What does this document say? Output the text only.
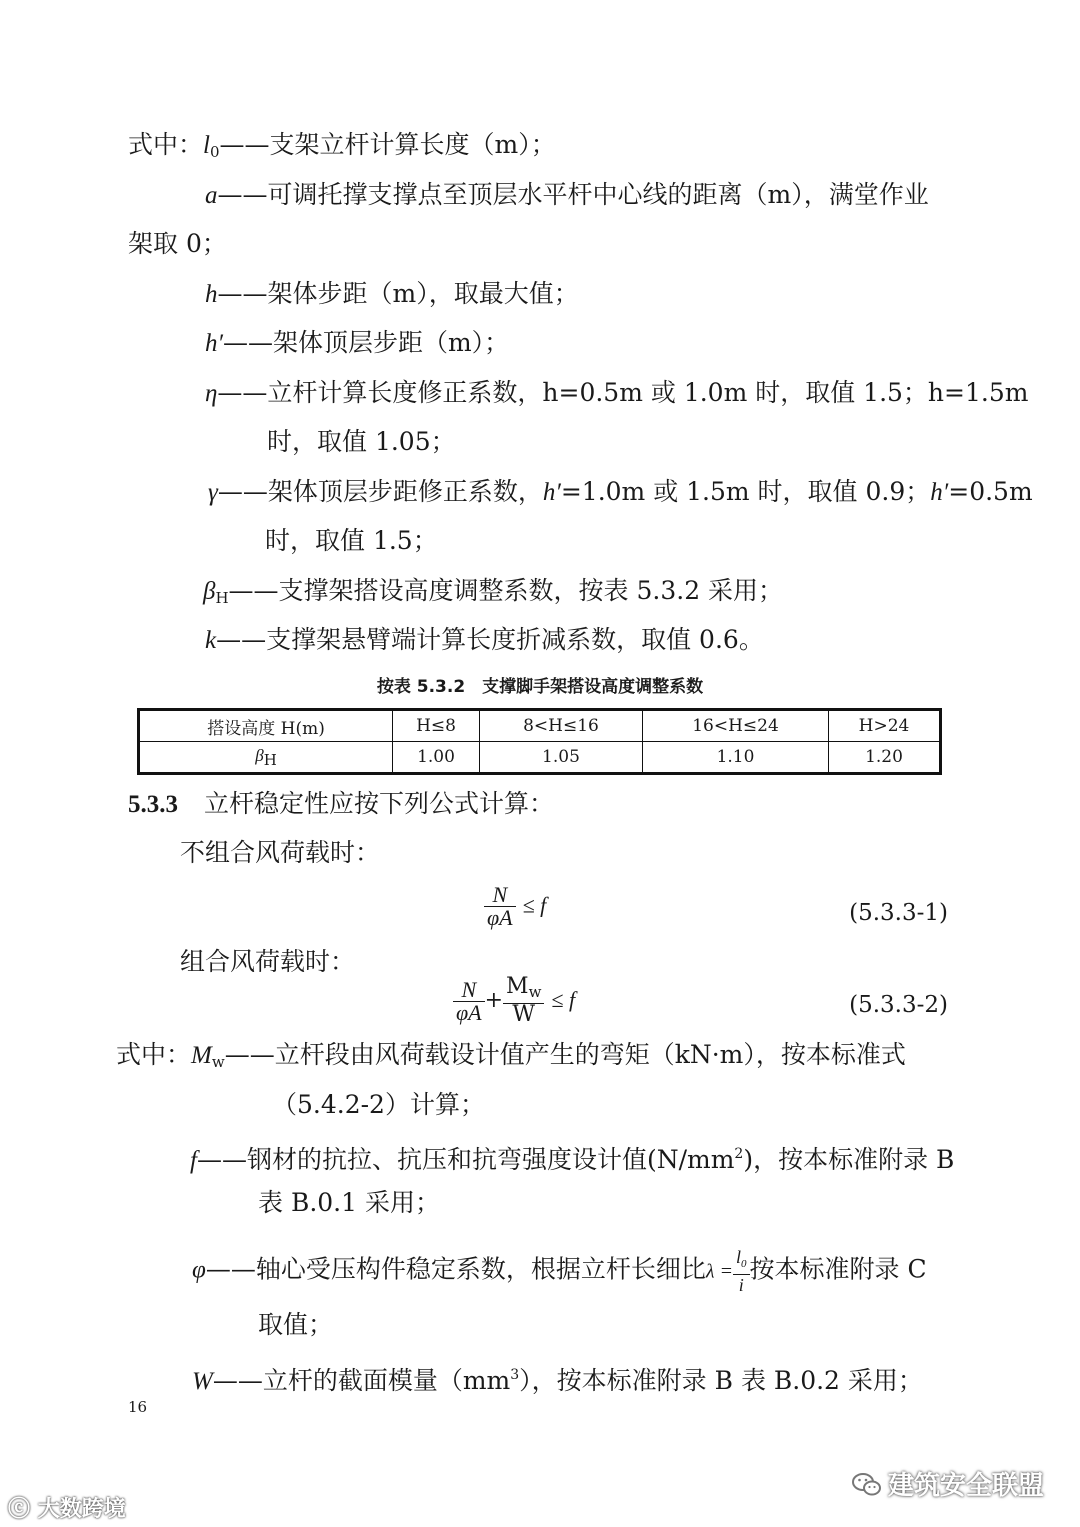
式中：$l_0——$支架立杆计算长度（m）；
a——可调托撑支撑点至顶层水平杆中心线的距离（m），满堂作业
架取 0；
h——架体步距（m），取最大值；
h′——架体顶层步距（m）；
η——立杆计算长度修正系数，h=0.5m 或 1.0m 时，取值 1.5；h=1.5m
时，取值 1.05；
γ——架体顶层步距修正系数，h′=1.0m 或 1.5m 时，取值 0.9；h′=0.5m
时，取值 1.5；
$\beta_H——$支撑架搭设高度调整系数，按表 5.3.2 采用；
k——支撑架悬臂端计算长度折减系数，取值 0.6。
按表 5.3.2　支撑脚手架搭设高度调整系数
搭设高度 H(m)	H≤8	8<H≤16	16<H≤24	H>24
βH	1.00	1.05	1.10	1.20
5.3.3 立杆稳定性应按下列公式计算：
不组合风荷载时：
$\frac{N}{\varphi A} \le f$	(5.3.3-1)
组合风荷载时：
$\frac{N}{\varphi A} + \frac{M_w}{W} \le f$	(5.3.3-2)
式中：$M_w——$立杆段由风荷载设计值产生的弯矩（kN·m），按本标准式
（5.4.2-2）计算；
f——钢材的抗拉、抗压和抗弯强度设计值$(N/mm^2)$，按本标准附录 B
表 B.0.1 采用；
φ——轴心受压构件稳定系数，根据立杆长细比$\lambda = \frac{l_0}{i}$ 按本标准附录 C
取值；
W——立杆的截面模量$(mm^3)$，按本标准附录 B 表 B.0.2 采用；
16
ⓒ 大数跨境
建筑安全联盟
